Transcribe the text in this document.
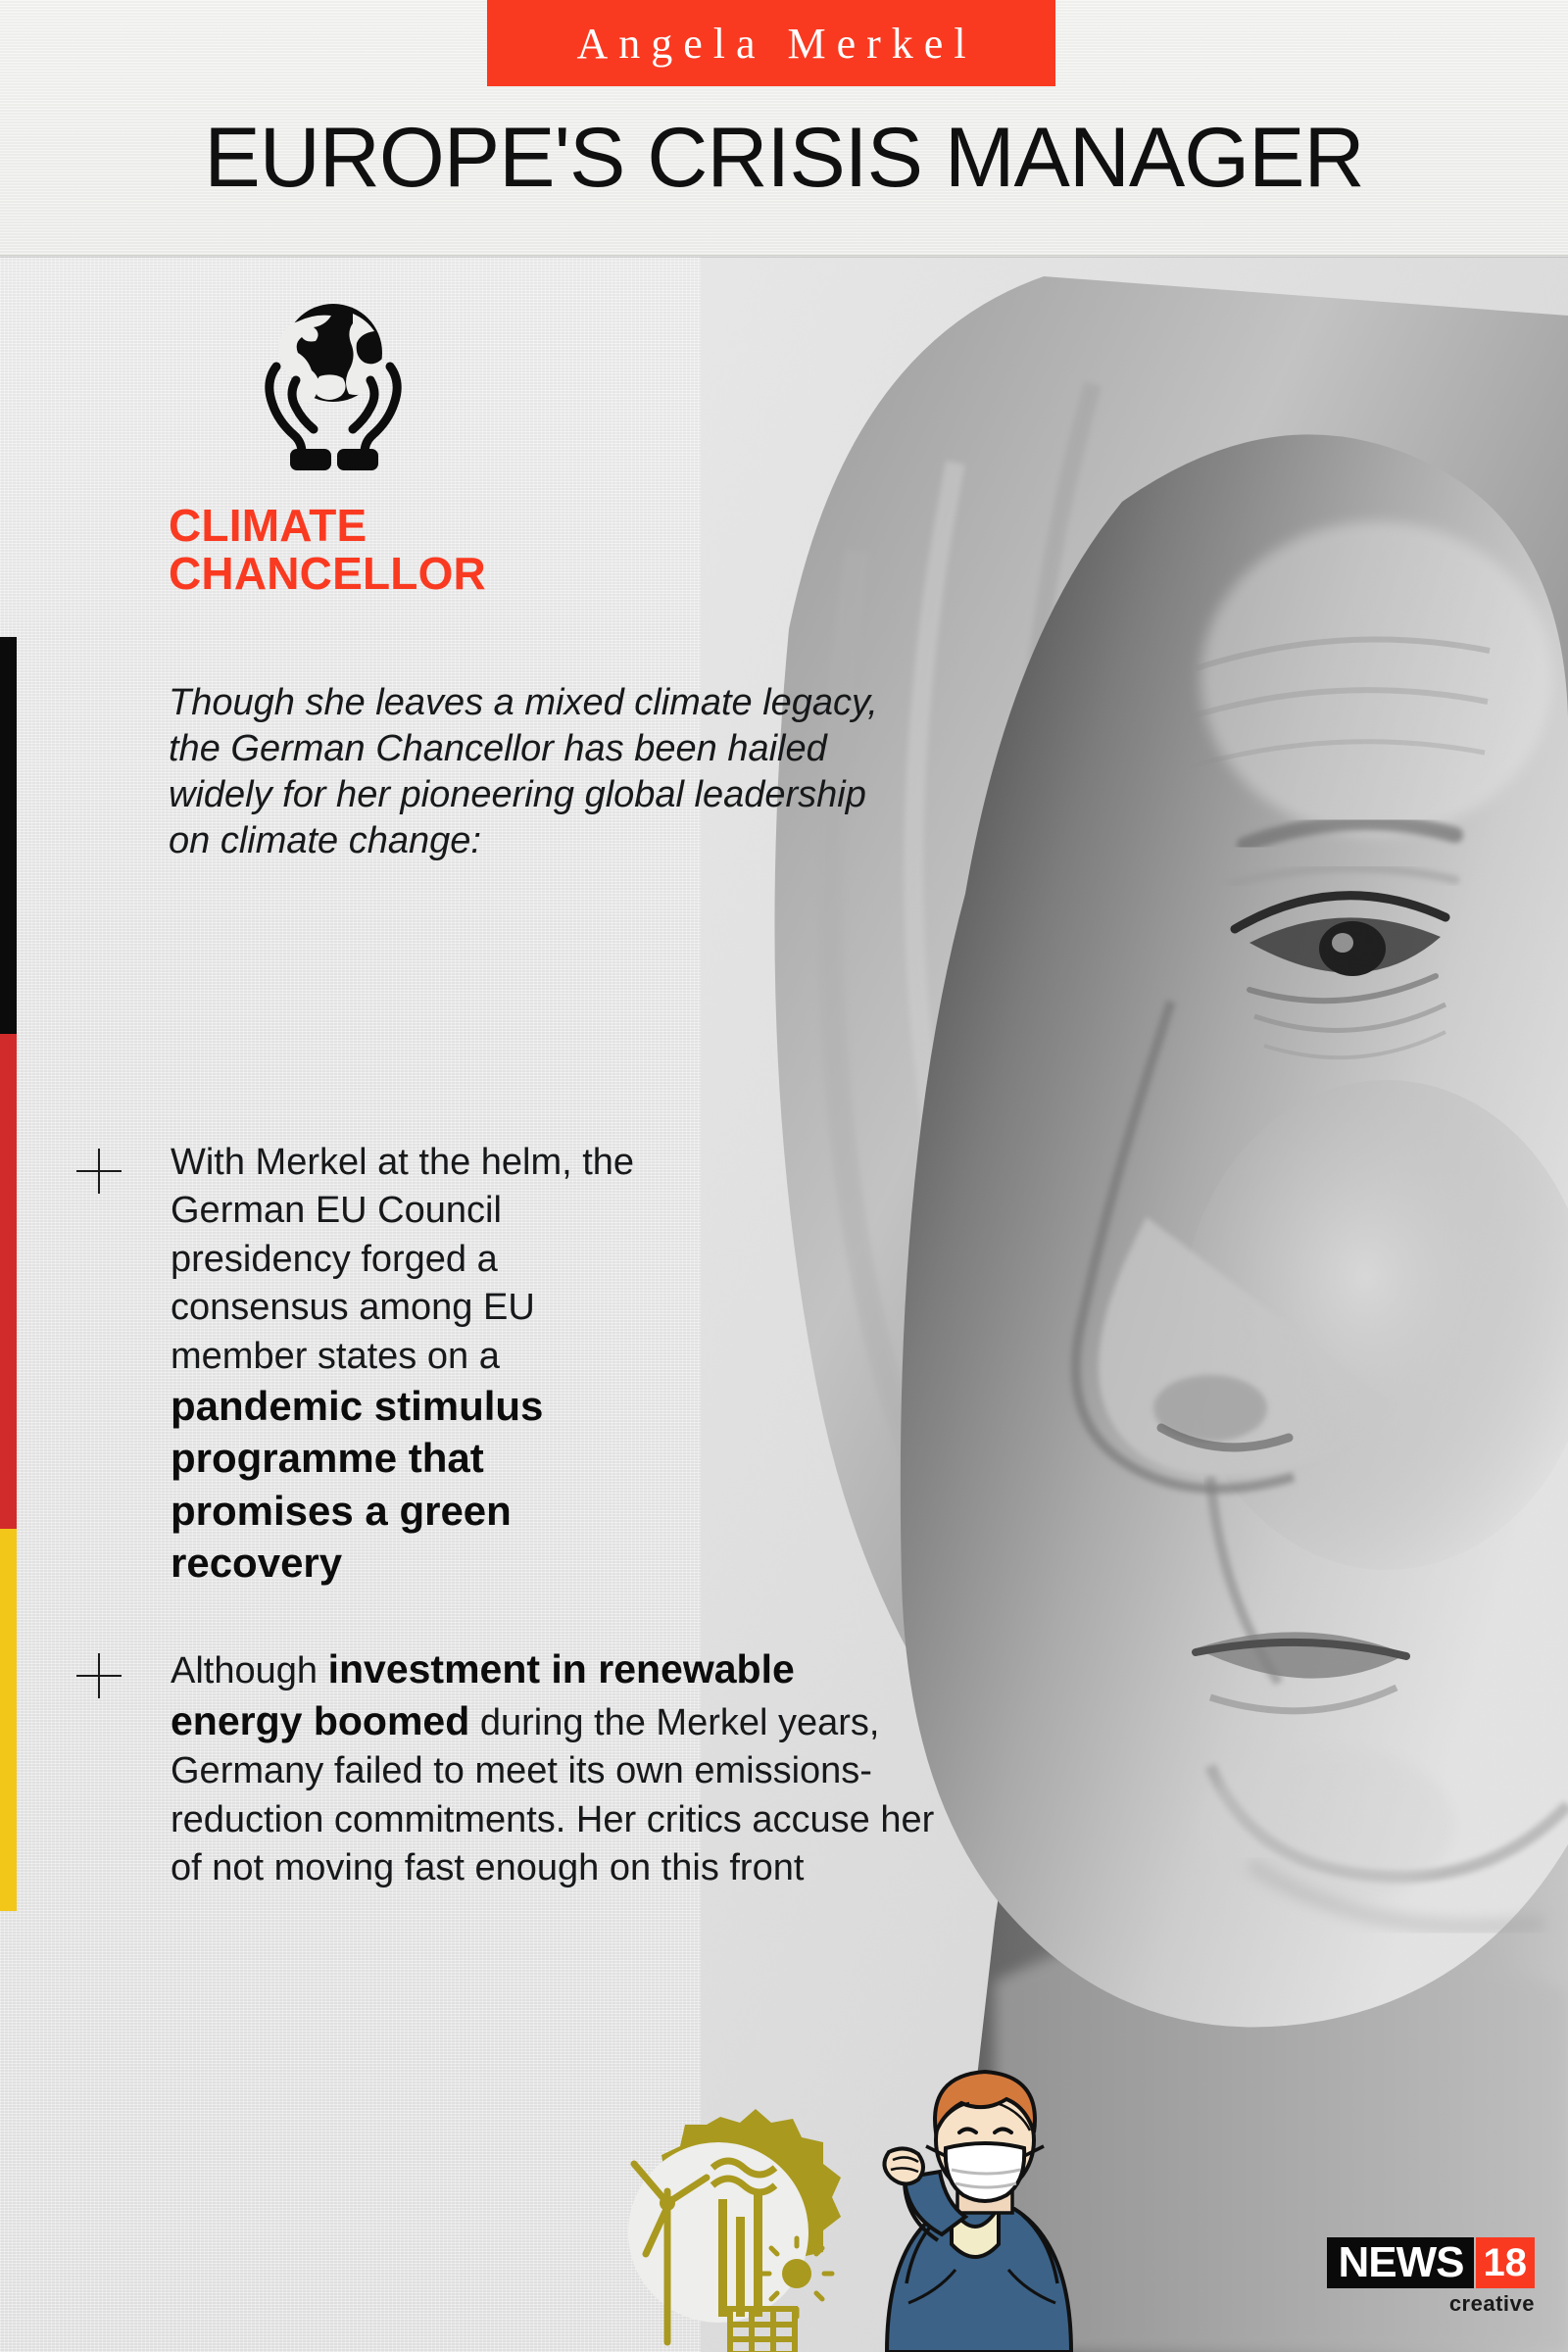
Angela Merkel
EUROPE'S CRISIS MANAGER
CLIMATE
CHANCELLOR
Though she leaves a mixed climate legacy, the German Chancellor has been hailed widely for her pioneering global leadership on climate change:
With Merkel at the helm, the German EU Council presidency forged a consensus among EU member states on a pandemic stimulus programme that promises a green recovery
Although investment in renewable energy boomed during the Merkel years, Germany failed to meet its own emissions-reduction commitments. Her critics accuse her of not moving fast enough on this front
NEWS 18
creative
